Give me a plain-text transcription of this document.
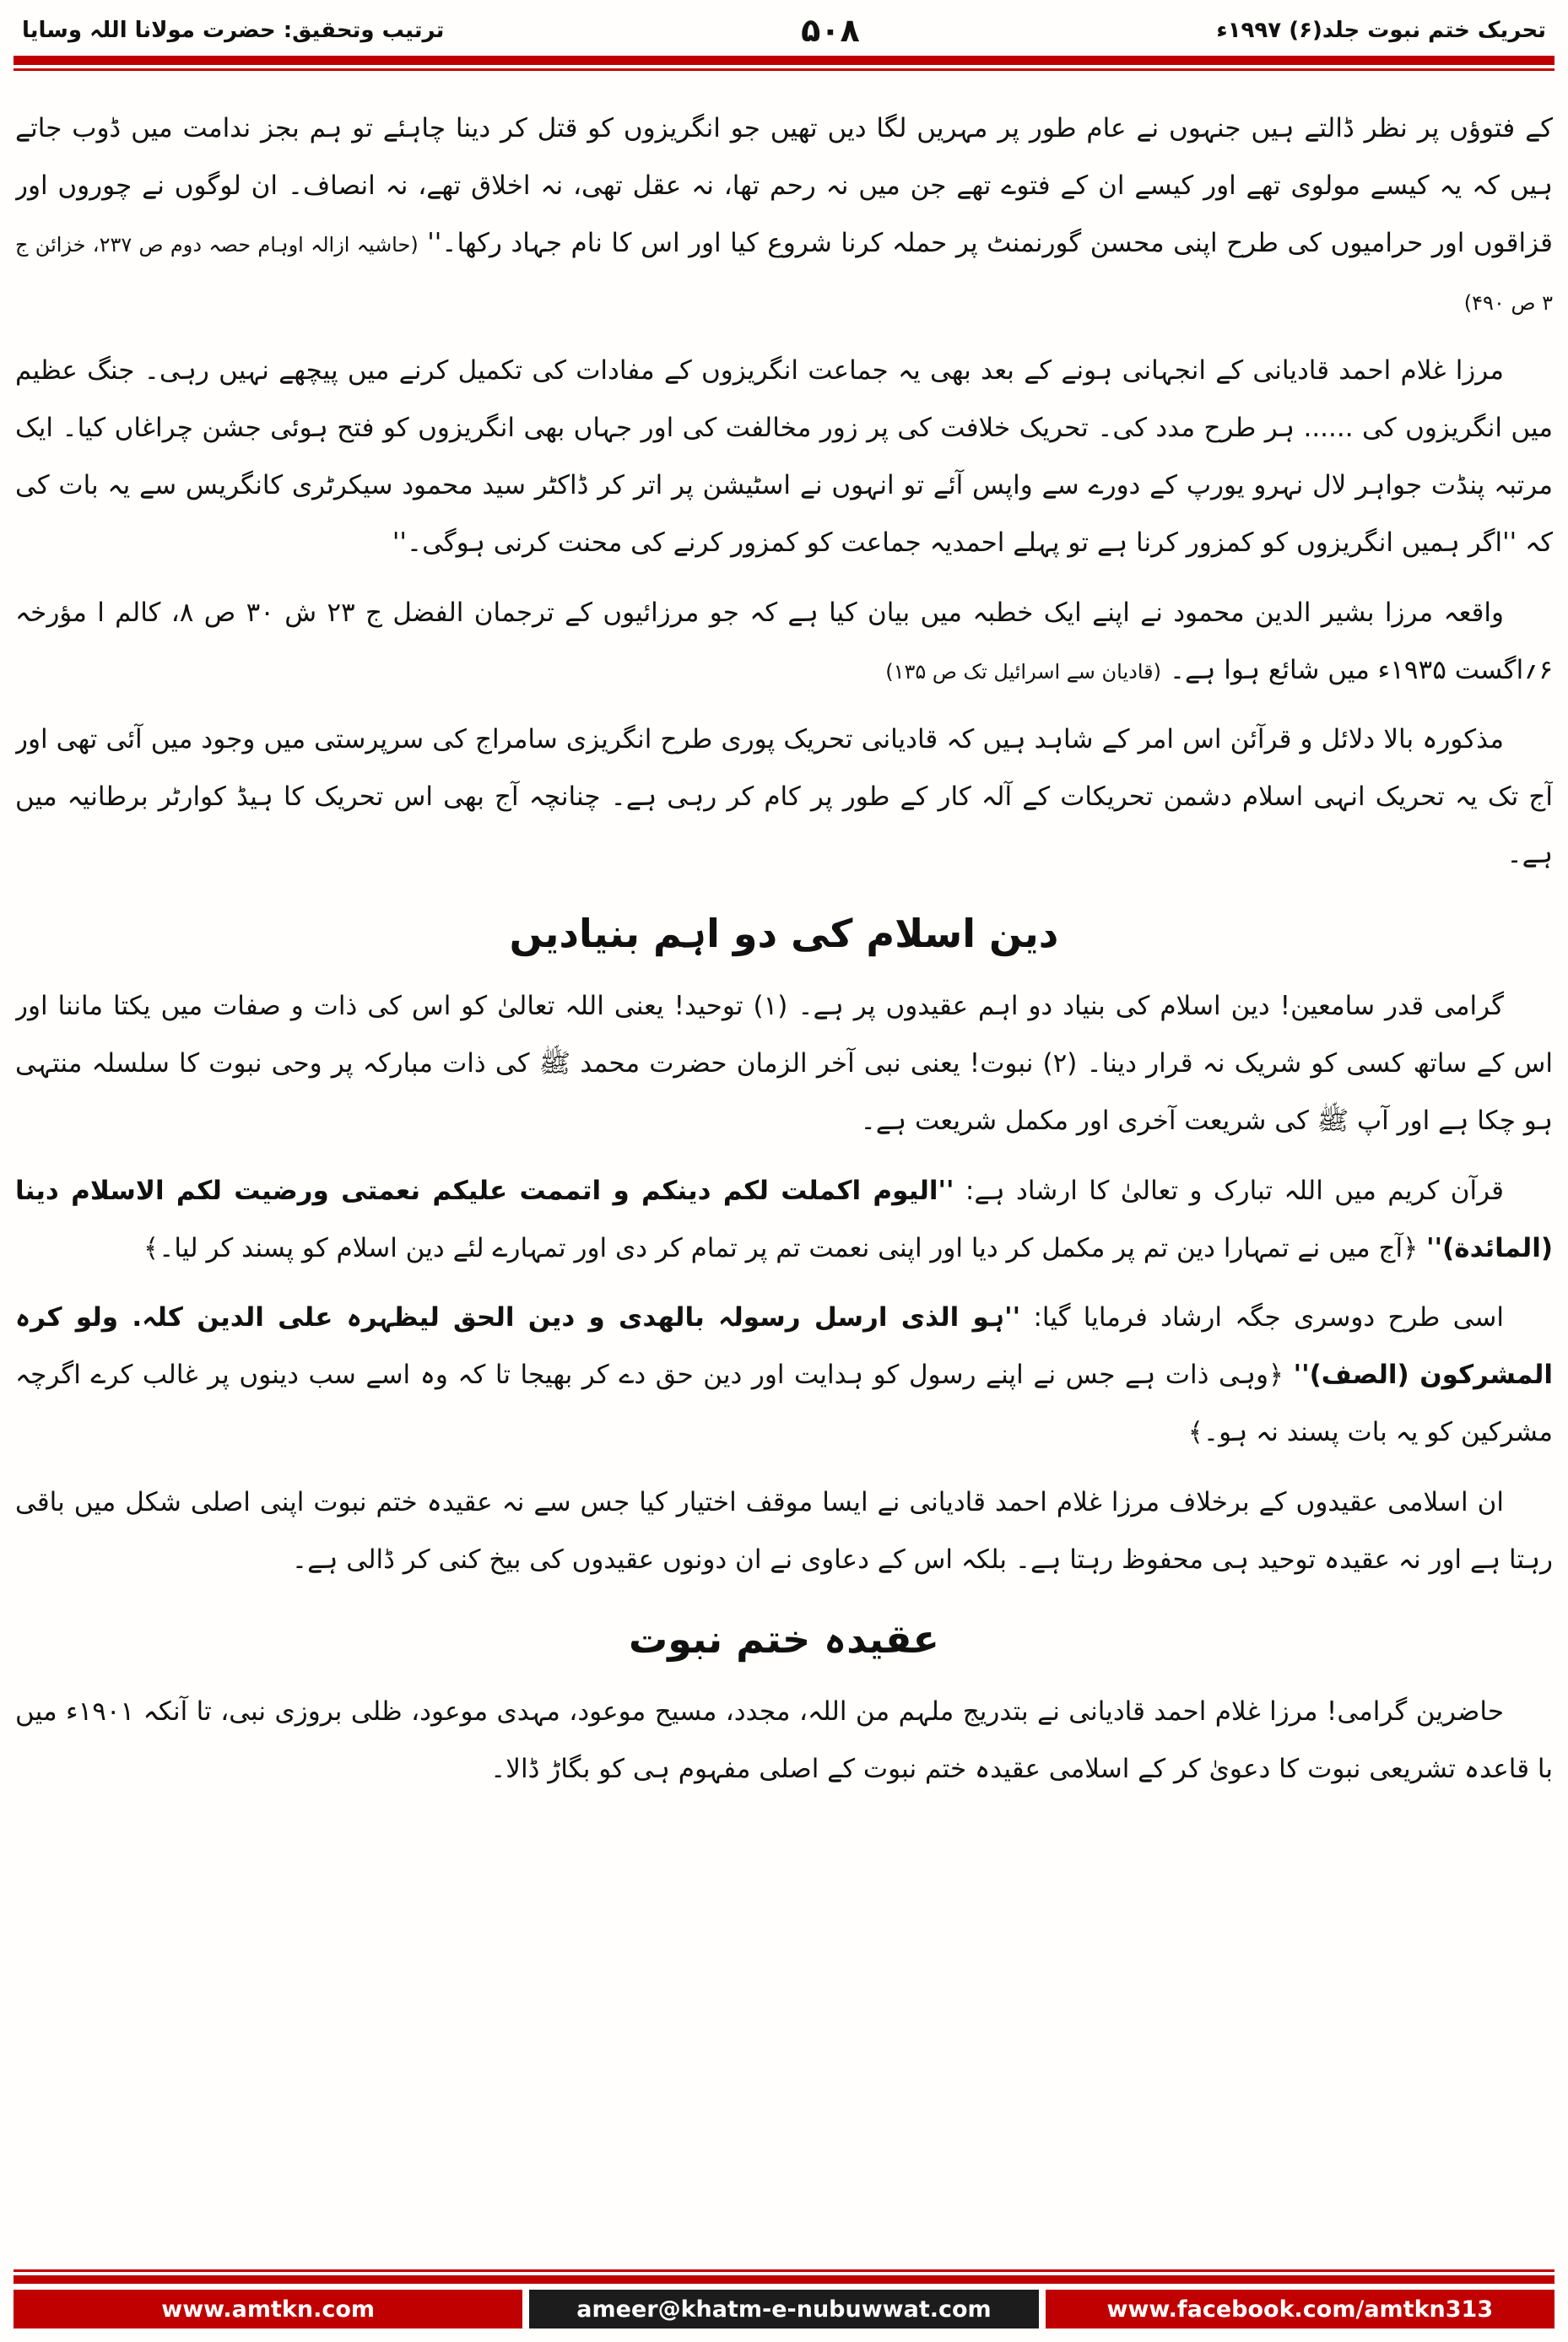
تحریک ختم نبوت جلد(۶) ۱۹۹۷ء
۵۰۸
ترتیب وتحقیق: حضرت مولانا اللہ وسایا

کے فتوؤں پر نظر ڈالتے ہیں جنہوں نے عام طور پر مہریں لگا دیں تھیں جو انگریزوں کو قتل کر دینا چاہئے تو ہم بجز ندامت میں ڈوب جاتے ہیں کہ یہ کیسے مولوی تھے اور کیسے ان کے فتوے تھے جن میں نہ رحم تھا، نہ عقل تھی، نہ اخلاق تھے، نہ انصاف۔ ان لوگوں نے چوروں اور قزاقوں اور حرامیوں کی طرح اپنی محسن گورنمنٹ پر حملہ کرنا شروع کیا اور اس کا نام جہاد رکھا۔'' (حاشیہ ازالہ اوہام حصہ دوم ص ۲۳۷، خزائن ج ۳ ص ۴۹۰)

مرزا غلام احمد قادیانی کے انجہانی ہونے کے بعد بھی یہ جماعت انگریزوں کے مفادات کی تکمیل کرنے میں پیچھے نہیں رہی۔ جنگ عظیم میں انگریزوں کی ...... ہر طرح مدد کی۔ تحریک خلافت کی پر زور مخالفت کی اور جہاں بھی انگریزوں کو فتح ہوئی جشن چراغاں کیا۔ ایک مرتبہ پنڈت جواہر لال نہرو یورپ کے دورے سے واپس آئے تو انہوں نے اسٹیشن پر اتر کر ڈاکٹر سید محمود سیکرٹری کانگریس سے یہ بات کی کہ ''اگر ہمیں انگریزوں کو کمزور کرنا ہے تو پہلے احمدیہ جماعت کو کمزور کرنے کی محنت کرنی ہوگی۔''

واقعہ مرزا بشیر الدین محمود نے اپنے ایک خطبہ میں بیان کیا ہے کہ جو مرزائیوں کے ترجمان الفضل ج ۲۳ ش ۳۰ ص ۸، کالم ا مؤرخہ ۶؍اگست ۱۹۳۵ء میں شائع ہوا ہے۔ (قادیان سے اسرائیل تک ص ۱۳۵)

مذکورہ بالا دلائل و قرآئن اس امر کے شاہد ہیں کہ قادیانی تحریک پوری طرح انگریزی سامراج کی سرپرستی میں وجود میں آئی تھی اور آج تک یہ تحریک انہی اسلام دشمن تحریکات کے آلہ کار کے طور پر کام کر رہی ہے۔ چنانچہ آج بھی اس تحریک کا ہیڈ کوارٹر برطانیہ میں ہے۔

دین اسلام کی دو اہم بنیادیں

گرامی قدر سامعین! دین اسلام کی بنیاد دو اہم عقیدوں پر ہے۔ (۱) توحید! یعنی اللہ تعالیٰ کو اس کی ذات و صفات میں یکتا ماننا اور اس کے ساتھ کسی کو شریک نہ قرار دینا۔ (۲) نبوت! یعنی نبی آخر الزمان حضرت محمد ﷺ کی ذات مبارکہ پر وحی نبوت کا سلسلہ منتہی ہو چکا ہے اور آپ ﷺ کی شریعت آخری اور مکمل شریعت ہے۔

قرآن کریم میں اللہ تبارک و تعالیٰ کا ارشاد ہے: ''الیوم اکملت لکم دینکم و اتممت علیکم نعمتی ورضیت لکم الاسلام دینا (المائدة)'' ﴿آج میں نے تمہارا دین تم پر مکمل کر دیا اور اپنی نعمت تم پر تمام کر دی اور تمہارے لئے دین اسلام کو پسند کر لیا۔﴾

اسی طرح دوسری جگہ ارشاد فرمایا گیا: ''ہو الذی ارسل رسولہ بالھدی و دین الحق لیظہرہ علی الدین کلہ. ولو کرہ المشرکون (الصف)'' ﴿وہی ذات ہے جس نے اپنے رسول کو ہدایت اور دین حق دے کر بھیجا تا کہ وہ اسے سب دینوں پر غالب کرے اگرچہ مشرکین کو یہ بات پسند نہ ہو۔﴾

ان اسلامی عقیدوں کے برخلاف مرزا غلام احمد قادیانی نے ایسا موقف اختیار کیا جس سے نہ عقیدہ ختم نبوت اپنی اصلی شکل میں باقی رہتا ہے اور نہ عقیدہ توحید ہی محفوظ رہتا ہے۔ بلکہ اس کے دعاوی نے ان دونوں عقیدوں کی بیخ کنی کر ڈالی ہے۔

عقیدہ ختم نبوت

حاضرین گرامی! مرزا غلام احمد قادیانی نے بتدریج ملہم من اللہ، مجدد، مسیح موعود، مہدی موعود، ظلی بروزی نبی، تا آنکہ ۱۹۰۱ء میں با قاعدہ تشریعی نبوت کا دعویٰ کر کے اسلامی عقیدہ ختم نبوت کے اصلی مفہوم ہی کو بگاڑ ڈالا۔

www.amtkn.com	ameer@khatm-e-nubuwwat.com	www.facebook.com/amtkn313
